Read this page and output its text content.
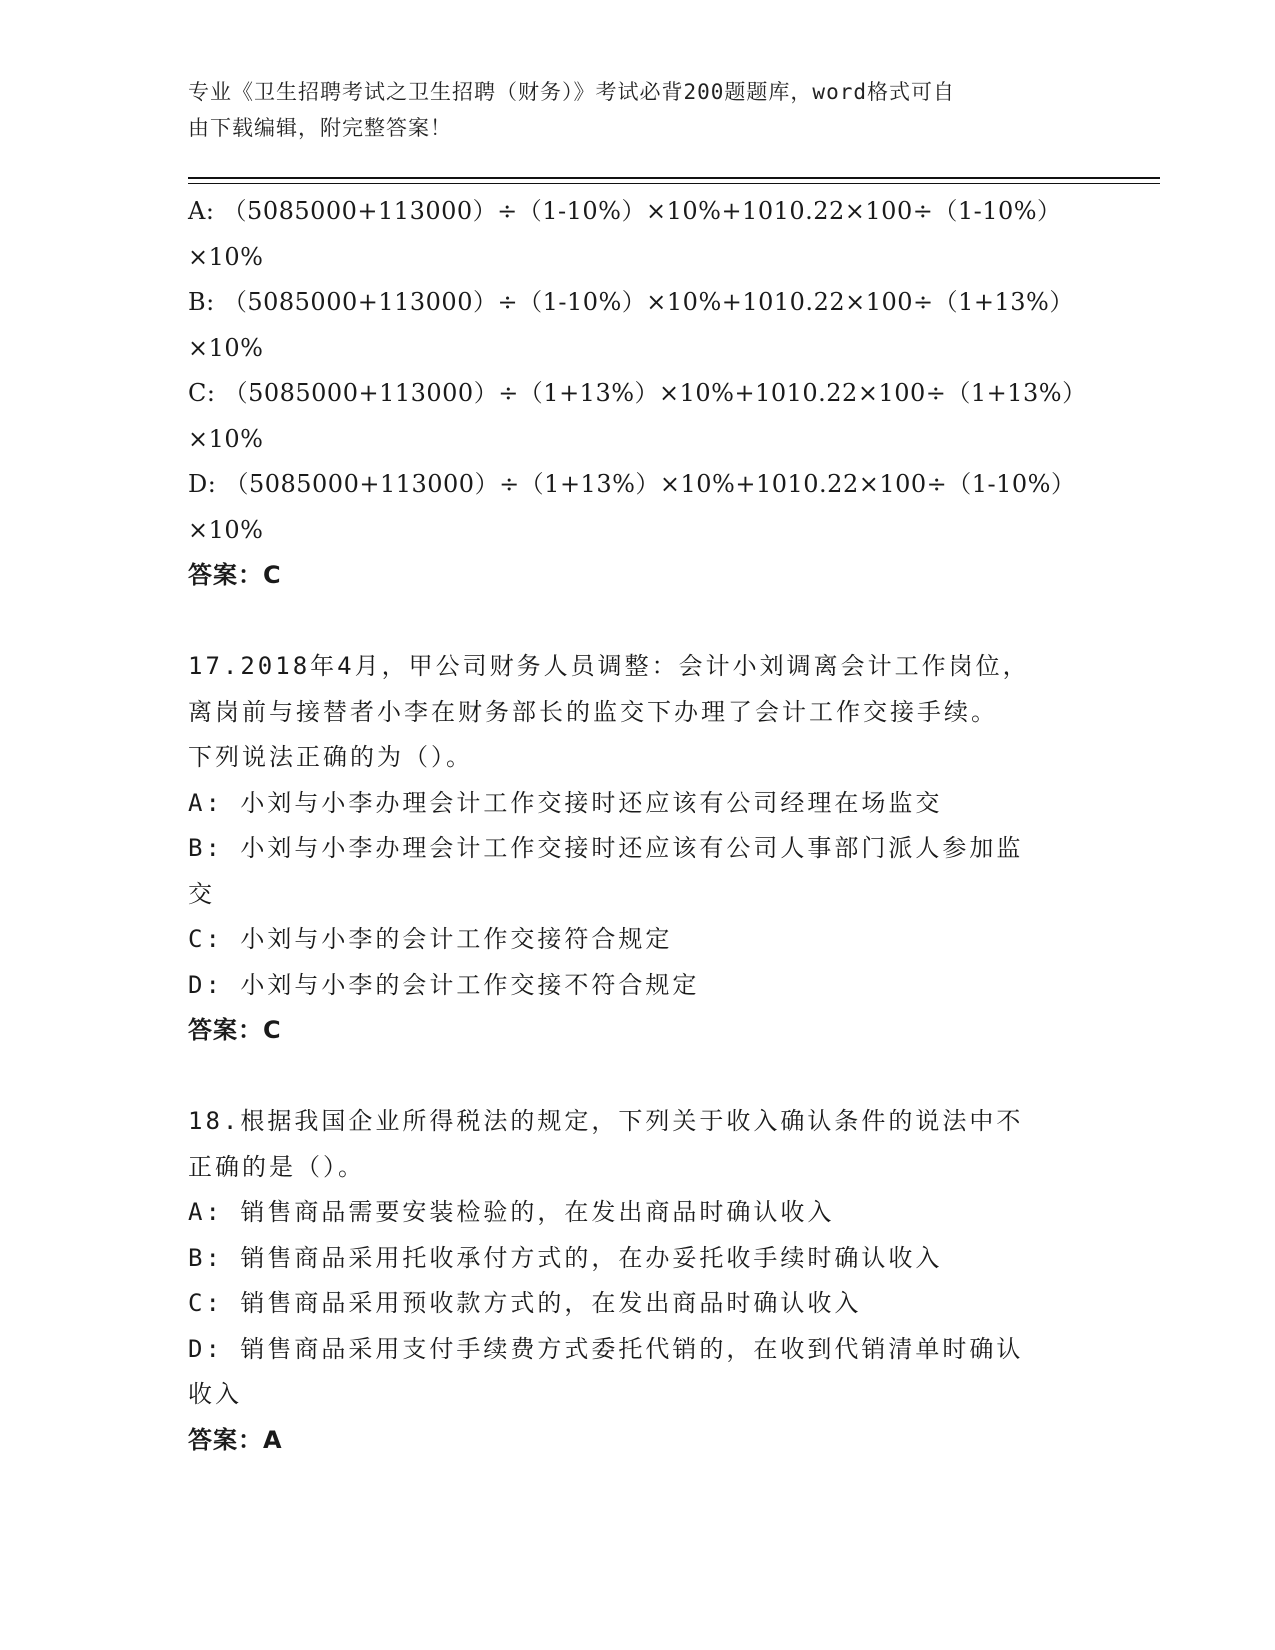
专业《卫生招聘考试之卫生招聘（财务）》考试必背200题题库，word格式可自
由下载编辑，附完整答案！
A: （5085000+113000）÷（1-10%）×10%+1010.22×100÷（1-10%）
×10%
B: （5085000+113000）÷（1-10%）×10%+1010.22×100÷（1+13%）
×10%
C: （5085000+113000）÷（1+13%）×10%+1010.22×100÷（1+13%）
×10%
D: （5085000+113000）÷（1+13%）×10%+1010.22×100÷（1-10%）
×10%
答案：C
17.2018年4月，甲公司财务人员调整：会计小刘调离会计工作岗位，
离岗前与接替者小李在财务部长的监交下办理了会计工作交接手续。
下列说法正确的为（）。
A: 小刘与小李办理会计工作交接时还应该有公司经理在场监交
B: 小刘与小李办理会计工作交接时还应该有公司人事部门派人参加监
交
C: 小刘与小李的会计工作交接符合规定
D: 小刘与小李的会计工作交接不符合规定
答案：C
18.根据我国企业所得税法的规定，下列关于收入确认条件的说法中不
正确的是（）。
A: 销售商品需要安装检验的，在发出商品时确认收入
B: 销售商品采用托收承付方式的，在办妥托收手续时确认收入
C: 销售商品采用预收款方式的，在发出商品时确认收入
D: 销售商品采用支付手续费方式委托代销的，在收到代销清单时确认
收入
答案：A
